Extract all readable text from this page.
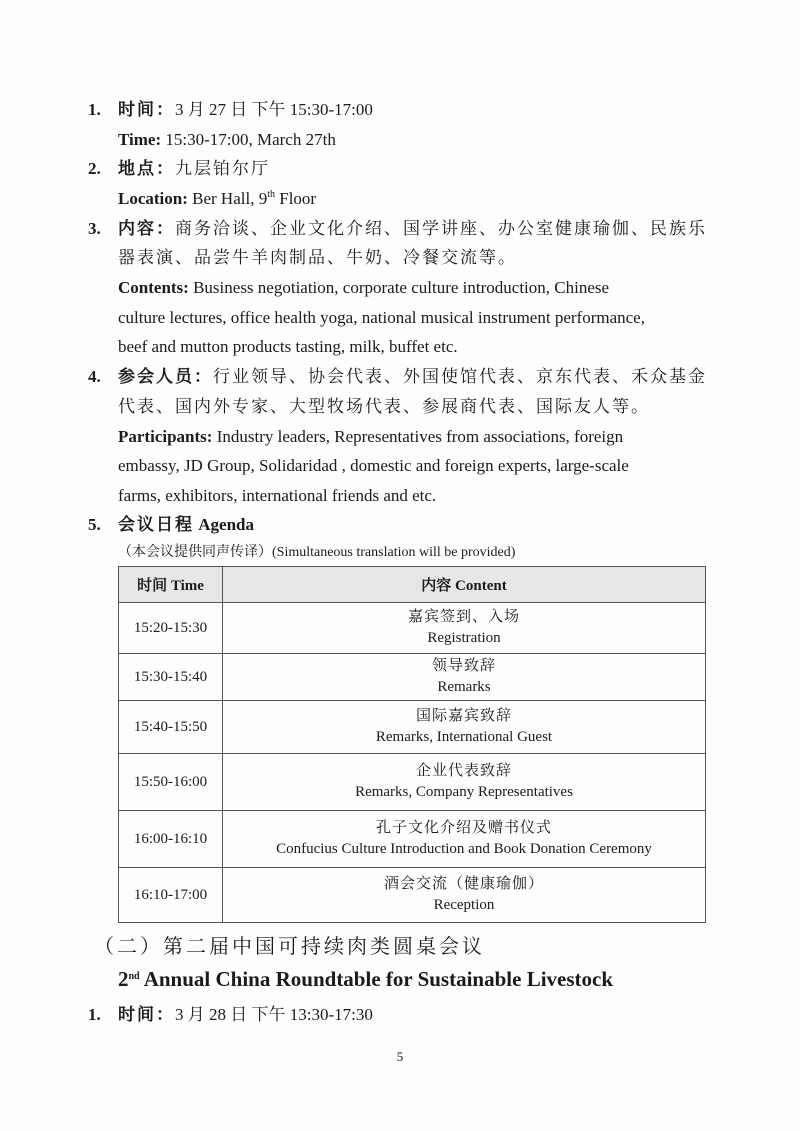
1. 时间：3 月 27 日 下午 15:30-17:00
Time: 15:30-17:00, March 27th
2. 地点：九层铂尔厅
Location: Ber Hall, 9th Floor
3. 内容：商务洽谈、企业文化介绍、国学讲座、办公室健康瑜伽、民族乐
器表演、品尝牛羊肉制品、牛奶、冷餐交流等。
Contents: Business negotiation, corporate culture introduction, Chinese
culture lectures, office health yoga, national musical instrument performance,
beef and mutton products tasting, milk, buffet etc.
4. 参会人员：行业领导、协会代表、外国使馆代表、京东代表、禾众基金
代表、国内外专家、大型牧场代表、参展商代表、国际友人等。
Participants: Industry leaders, Representatives from associations, foreign
embassy, JD Group, Solidaridad , domestic and foreign experts, large-scale
farms, exhibitors, international friends and etc.
5. 会议日程 Agenda
（本会议提供同声传译）(Simultaneous translation will be provided)
时间 Time	内容 Content
15:20-15:30	嘉宾签到、入场
Registration

15:30-15:40	领导致辞
Remarks

15:40-15:50	国际嘉宾致辞
Remarks, International Guest

15:50-16:00	企业代表致辞
Remarks, Company Representatives

16:00-16:10	孔子文化介绍及赠书仪式
Confucius Culture Introduction and Book Donation Ceremony

16:10-17:00	酒会交流（健康瑜伽）
Reception
（二）第二届中国可持续肉类圆桌会议
2nd Annual China Roundtable for Sustainable Livestock
1. 时间：3 月 28 日 下午 13:30-17:30
5
